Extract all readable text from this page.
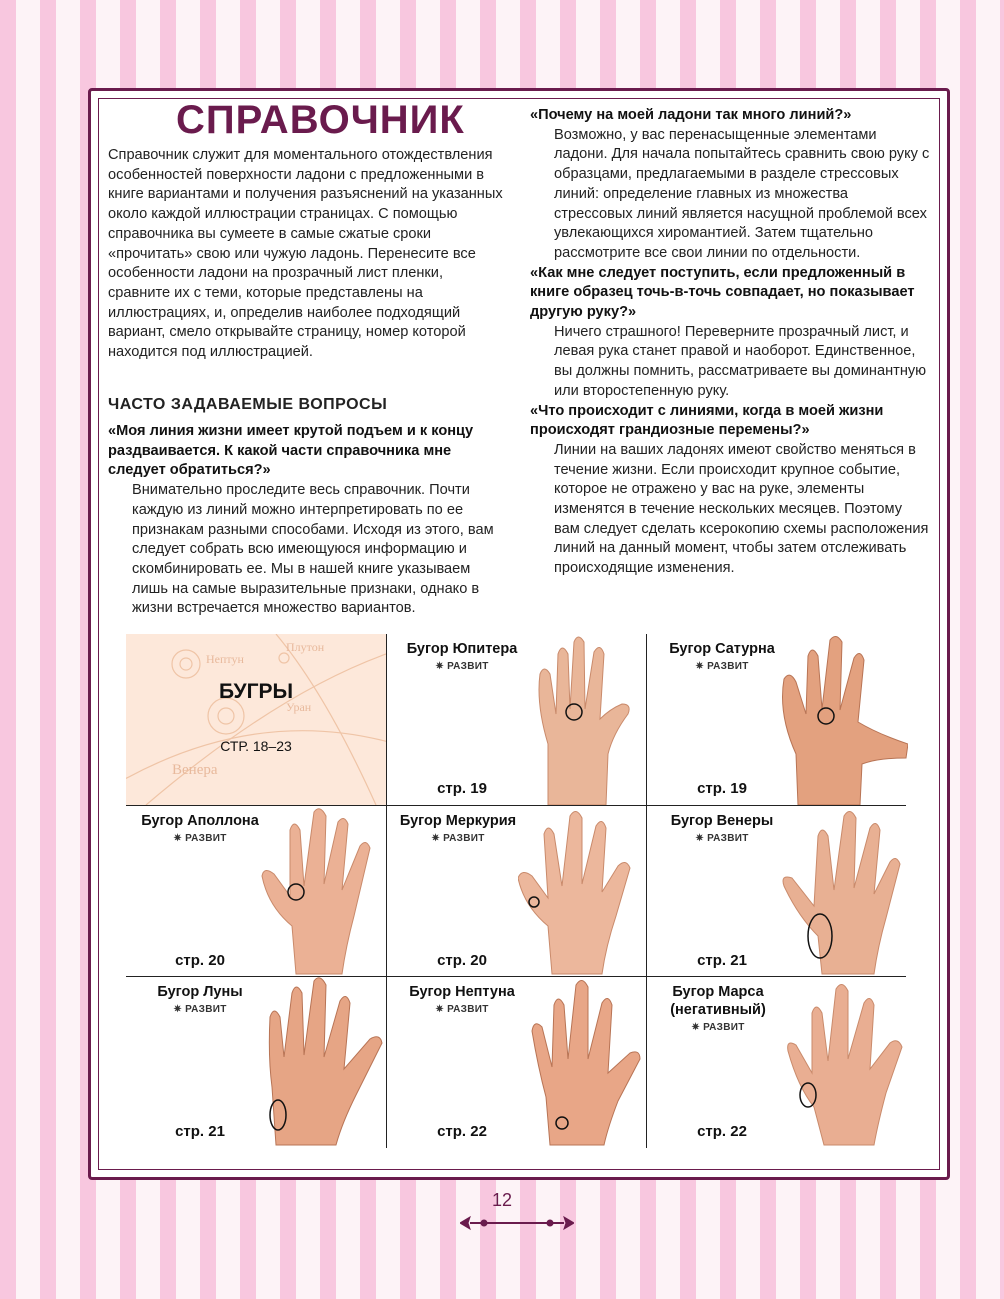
СПРАВОЧНИК

Справочник служит для моментального отождествления особенностей поверхности ладони с предложенными в книге вариантами и получения разъяснений на указанных около каждой иллюстрации страницах. С помощью справочника вы сумеете в самые сжатые сроки «прочитать» свою или чужую ладонь. Перенесите все особенности ладони на прозрачный лист пленки, сравните их с теми, которые представлены на иллюстрациях, и, определив наиболее подходящий вариант, смело открывайте страницу, номер которой находится под иллюстрацией.

ЧАСТО ЗАДАВАЕМЫЕ ВОПРОСЫ

«Моя линия жизни имеет крутой подъем и к концу раздваивается. К какой части справочника мне следует обратиться?»

Внимательно проследите весь справочник. Почти каждую из линий можно интерпретировать по ее признакам разными способами. Исходя из этого, вам следует собрать всю имеющуюся информацию и скомбинировать ее. Мы в нашей книге указываем лишь на самые выразительные признаки, однако в жизни встречается множество вариантов.

«Почему на моей ладони так много линий?»

Возможно, у вас перенасыщенные элементами ладони. Для начала попытайтесь сравнить свою руку с образцами, предлагаемыми в разделе стрессовых линий: определение главных из множества стрессовых линий является насущной проблемой всех увлекающихся хиромантией. Затем тщательно рассмотрите все свои линии по отдельности.

«Как мне следует поступить, если предложенный в книге образец точь-в-точь совпадает, но показывает другую руку?»

Ничего страшного! Переверните прозрачный лист, и левая рука станет правой и наоборот. Единственное, вы должны помнить, рассматриваете вы доминантную или второстепенную руку.

«Что происходит с линиями, когда в моей жизни происходят грандиозные перемены?»

Линии на ваших ладонях имеют свойство меняться в течение жизни. Если происходит крупное событие, которое не отражено у вас на руке, элементы изменятся в течение нескольких месяцев. Поэтому вам следует сделать ксерокопию схемы расположения линий на данный момент, чтобы затем отслеживать происходящие изменения.

Плутон
Нептун
Уран
Венера
БУГРЫ
СТР. 18–23
Бугор Юпитера
✷ РАЗВИТ
стр. 19
Бугор Сатурна
✷ РАЗВИТ
стр. 19
Бугор Аполлона
✷ РАЗВИТ
стр. 20
Бугор Меркурия
✷ РАЗВИТ
стр. 20
Бугор Венеры
✷ РАЗВИТ
стр. 21
Бугор Луны
✷ РАЗВИТ
стр. 21
Бугор Нептуна
✷ РАЗВИТ
стр. 22
Бугор Марса (негативный)
✷ РАЗВИТ
стр. 22
12
